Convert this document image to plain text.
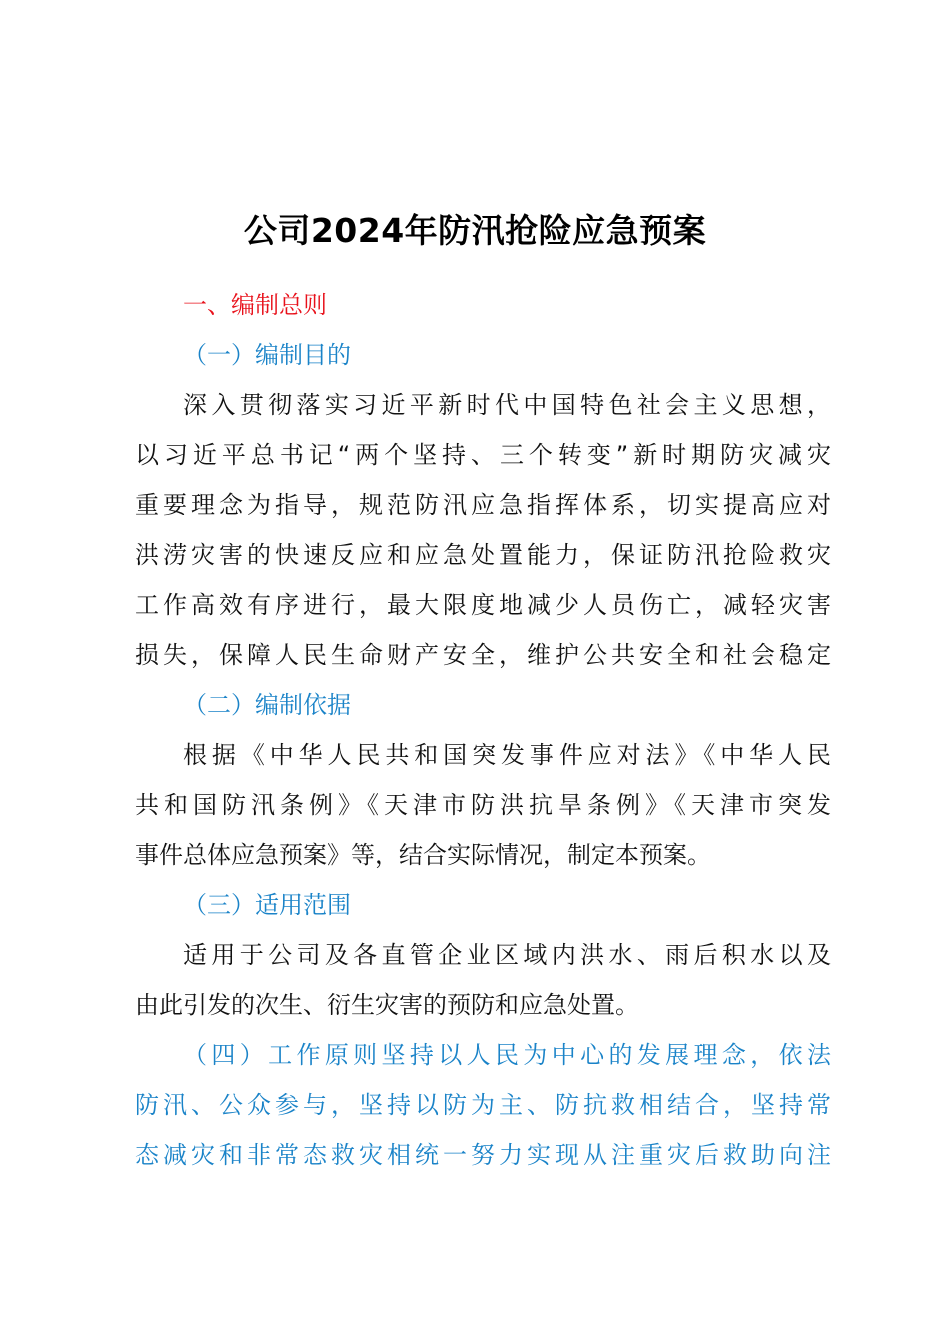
公司2024年防汛抢险应急预案
一、编制总则
（一）编制目的
深入贯彻落实习近平新时代中国特色社会主义思想，
以习近平总书记“两个坚持、三个转变”新时期防灾减灾
重要理念为指导，规范防汛应急指挥体系，切实提高应对
洪涝灾害的快速反应和应急处置能力，保证防汛抢险救灾
工作高效有序进行，最大限度地减少人员伤亡，减轻灾害
损失，保障人民生命财产安全，维护公共安全和社会稳定
（二）编制依据
根据《中华人民共和国突发事件应对法》《中华人民
共和国防汛条例》《天津市防洪抗旱条例》《天津市突发
事件总体应急预案》等，结合实际情况，制定本预案。
（三）适用范围
适用于公司及各直管企业区域内洪水、雨后积水以及
由此引发的次生、衍生灾害的预防和应急处置。
（四）工作原则坚持以人民为中心的发展理念，依法
防汛、公众参与，坚持以防为主、防抗救相结合，坚持常
态减灾和非常态救灾相统一努力实现从注重灾后救助向注
